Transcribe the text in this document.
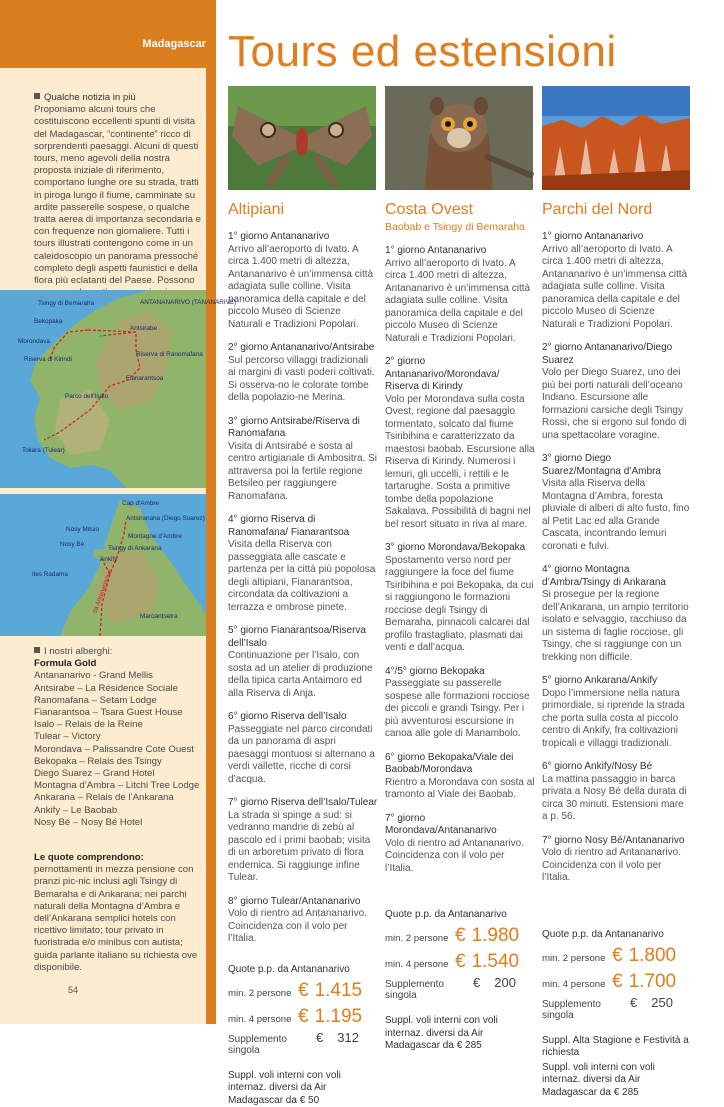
Madagascar
Qualche notizia in più
Proponiamo alcuni tours che costituiscono eccellenti spunti di visita del Madagascar, “continente” ricco di sorprendenti paesaggi. Alcuni di questi tours, meno agevoli della nostra proposta iniziale di riferimento, comportano lunghe ore su strada, tratti in piroga lungo il fiume, camminate su ardite passerelle sospese, o qualche tratta aerea di importanza secondaria e con frequenze non giornaliere. Tutti i tours illustrati contengono come in un caleidoscopio un panorama pressoché completo degli aspetti faunistici e della flora più eclatanti del Paese. Possono
Tsingy di Bemaraha	ANTANANARIVO (TANANARIVE)
Bekopaka
Antsirabe
Morondava
Riserva di Kirindi
Riserva di Ranomafana
Fianarantsoa
Parco dell'Isalo
Toliara (Tulear)
Cap d'Ambre
Antsiranana (Diego Suarez)
Nosy Mitsio
Montagne d'Ambre
Nosy Bé
Tsingy di Ankarana
Ankify
Iles Radama	da Antananarivo
Maroantsetra
I nostri alberghi:
Formula Gold
Antananarivo - Grand Mellis
Antsirabe – La Résidence Sociale
Ranomafana – Setam Lodge
Fianarantsoa – Tsara Guest House
Isalo – Relais de la Reine
Tulear – Victory
Morondava – Palissandre Cote Ouest
Bekopaka – Relais des Tsingy
Diego Suarez – Grand Hotel
Montagna d’Ambra – Litchi Tree Lodge
Ankarana – Relais de l’Ankarana
Ankify – Le Baobab
Nosy Bé – Nosy Bé Hotel
Le quote comprendono:
pernottamenti in mezza pensione con pranzi pic-nic inclusi agli Tsingy di Bemaraha e di Ankarana; nei parchi naturali della Montagna d’Ambra e dell’Ankarana semplici hotels con ricettivo limitato; tour privato in fuoristrada e/o minibus con autista; guida parlante italiano su richiesta ove disponibile.
54
Tours ed estensioni
Altipiani
1° giorno Antananarivo
Arrivo all’aeroporto di Ivato. A circa 1.400 metri di altezza, Antananarivo è un’immensa città adagiata sulle colline. Visita panoramica della capitale e del piccolo Museo di Scienze Naturali e Tradizioni Popolari.
2° giorno Antananarivo/Antsirabe
Sul percorso villaggi tradizionali ai margini di vasti poderi coltivati. Si osserva-no le colorate tombe della popolazio-ne Merina.
3° giorno Antsirabe/Riserva di Ranomafana
Visita di Antsirabé e sosta al centro artigianale di Ambositra. Si attraversa poi la fertile regione Betsileo per raggiungere Ranomafana.
4° giorno Riserva di Ranomafana/ Fianarantsoa
Visita della Riserva con passeggiata alle cascate e partenza per la città più popolosa degli altipiani, Fianarantsoa, circondata da coltivazioni a terrazza e ombrose pinete.
5° giorno Fianarantsoa/Riserva dell’Isalo
Continuazione per l’Isalo, con sosta ad un atelier di produzione della tipica carta Antaimoro ed alla Riserva di Anja.
6° giorno Riserva dell’Isalo
Passeggiate nel parco circondati da un panorama di aspri paesaggi montuosi si alternano a verdi vallette, ricche di corsi d’acqua.
7° giorno Riserva dell’Isalo/Tulear
La strada si spinge a sud: si vedranno mandrie di zebù al pascolo ed i primi baobab; visita di un arboretum privato di flora endemica. Si raggiunge infine Tulear.
8° giorno Tulear/Antananarivo
Volo di rientro ad Antananarivo. Coincidenza con il volo per l’Italia.
Quote p.p. da Antananarivo
min. 2 persone € 1.415
min. 4 persone € 1.195
Supplemento singola
€ 312
Suppl. voli interni con voli internaz. diversi da Air Madagascar da € 50
Costa Ovest
Baobab e Tsingy di Bemaraha
1° giorno Antananarivo
Arrivo all’aeroporto di Ivato. A circa 1.400 metri di altezza, Antananarivo è un’immensa città adagiata sulle colline. Visita panoramica della capitale e del piccolo Museo di Scienze Naturali e Tradizioni Popolari.
2° giorno Antananarivo/Morondava/ Riserva di Kirindy
Volo per Morondava sulla costa Ovest, regione dal paesaggio tormentato, solcato dal fiume Tsiribihina e caratterizzato da maestosi baobab. Escursione alla Riserva di Kirindy. Numerosi i lemuri, gli uccelli, i rettili e le tartarughe. Sosta a primitive tombe della popolazione Sakalava. Possibilità di bagni nel bel resort situato in riva al mare.
3° giorno Morondava/Bekopaka
Spostamento verso nord per raggiungere la foce del fiume Tsiribihina e poi Bekopaka, da cui si raggiungono le formazioni rocciose degli Tsingy di Bemaraha, pinnacoli calcarei dal profilo frastagliato, plasmati dai venti e dall’acqua.
4°/5° giorno Bekopaka
Passeggiate su passerelle sospese alle formazioni rocciose dei piccoli e grandi Tsingy. Per i più avventurosi escursione in canoa alle gole di Manambolo.
6° giorno Bekopaka/Viale dei Baobab/Morondava
Rientro a Morondava con sosta al tramonto al Viale dei Baobab.
7° giorno Morondava/Antananarivo
Volo di rientro ad Antananarivo. Coincidenza con il volo per l’Italia.
Quote p.p. da Antananarivo
min. 2 persone € 1.980
min. 4 persone € 1.540
Supplemento singola
€ 200
Suppl. voli interni con voli internaz. diversi da Air Madagascar da € 285
Parchi del Nord
1° giorno Antananarivo
Arrivo all’aeroporto di Ivato. A circa 1.400 metri di altezza, Antananarivo è un’immensa città adagiata sulle colline. Visita panoramica della capitale e del piccolo Museo di Scienze Naturali e Tradizioni Popolari.
2° giorno Antananarivo/Diego Suarez
Volo per Diego Suarez, uno dei più bei porti naturali dell’oceano Indiano. Escursione alle formazioni carsiche degli Tsingy Rossi, che si ergono sul fondo di una spettacolare voragine.
3° giorno Diego Suarez/Montagna d’Ambra
Visita alla Riserva della Montagna d’Ambra, foresta pluviale di alberi di alto fusto, fino al Petit Lac ed alla Grande Cascata, incontrando lemuri coronati e fulvi.
4° giorno Montagna d’Ambra/Tsingy di Ankarana
Si prosegue per la regione dell’Ankarana, un ampio territorio isolato e selvaggio, racchiuso da un sistema di faglie rocciose, gli Tsingy, che si raggiunge con un trekking non difficile.
5° giorno Ankarana/Ankify
Dopo l’immersione nella natura primordiale, si riprende la strada che porta sulla costa al piccolo centro di Ankify, fra coltivazioni tropicali e villaggi tradizionali.
6° giorno Ankify/Nosy Bé
La mattina passaggio in barca privata a Nosy Bé della durata di circa 30 minuti. Estensioni mare a p. 56.
7° giorno Nosy Bé/Antananarivo
Volo di rientro ad Antananarivo. Coincidenza con il volo per l’Italia.
Quote p.p. da Antananarivo
min. 2 persone € 1.800
min. 4 persone € 1.700
Supplemento singola
€ 250
Suppl. Alta Stagione e Festività a richiesta
Suppl. voli interni con voli internaz. diversi da Air Madagascar da € 285
